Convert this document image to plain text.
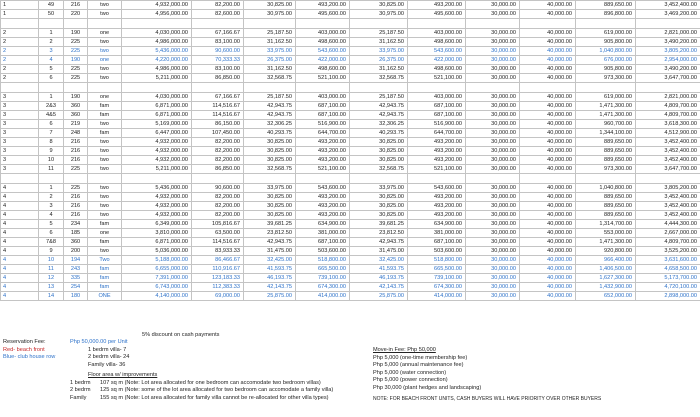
1	49	216	two	4,932,000.00	82,200.00	30,825.00	493,200.00	30,825.00	493,200.00	30,000.00	40,000.00	889,650.00	3,452,400.00
1	50	220	two	4,956,000.00	82,600.00	30,975.00	495,600.00	30,975.00	495,600.00	30,000.00	40,000.00	896,800.00	3,469,200.00

2	1	190	one	4,030,000.00	67,166.67	25,187.50	403,000.00	25,187.50	403,000.00	30,000.00	40,000.00	619,000.00	2,821,000.00
2	2	225	two	4,986,000.00	83,100.00	31,162.50	498,600.00	31,162.50	498,600.00	30,000.00	40,000.00	905,800.00	3,490,200.00
2	3	225	two	5,436,000.00	90,600.00	33,975.00	543,600.00	33,975.00	543,600.00	30,000.00	40,000.00	1,040,800.00	3,805,200.00
2	4	190	one	4,220,000.00	70,333.33	26,375.00	422,000.00	26,375.00	422,000.00	30,000.00	40,000.00	676,000.00	2,954,000.00
2	5	225	two	4,986,000.00	83,100.00	31,162.50	498,600.00	31,162.50	498,600.00	30,000.00	40,000.00	905,800.00	3,490,200.00
2	6	225	two	5,211,000.00	86,850.00	32,568.75	521,100.00	32,568.75	521,100.00	30,000.00	40,000.00	973,300.00	3,647,700.00

3	1	190	one	4,030,000.00	67,166.67	25,187.50	403,000.00	25,187.50	403,000.00	30,000.00	40,000.00	619,000.00	2,821,000.00
3	2&3	360	fam	6,871,000.00	114,516.67	42,943.75	687,100.00	42,943.75	687,100.00	30,000.00	40,000.00	1,471,300.00	4,809,700.00
3	4&5	360	fam	6,871,000.00	114,516.67	42,943.75	687,100.00	42,943.75	687,100.00	30,000.00	40,000.00	1,471,300.00	4,809,700.00
3	6	219	two	5,169,000.00	86,150.00	32,306.25	516,900.00	32,306.25	516,900.00	30,000.00	40,000.00	960,700.00	3,618,300.00
3	7	248	fam	6,447,000.00	107,450.00	40,293.75	644,700.00	40,293.75	644,700.00	30,000.00	40,000.00	1,344,100.00	4,512,900.00
3	8	216	two	4,932,000.00	82,200.00	30,825.00	493,200.00	30,825.00	493,200.00	30,000.00	40,000.00	889,650.00	3,452,400.00
3	9	216	two	4,932,000.00	82,200.00	30,825.00	493,200.00	30,825.00	493,200.00	30,000.00	40,000.00	889,650.00	3,452,400.00
3	10	216	two	4,932,000.00	82,200.00	30,825.00	493,200.00	30,825.00	493,200.00	30,000.00	40,000.00	889,650.00	3,452,400.00
3	11	225	two	5,211,000.00	86,850.00	32,568.75	521,100.00	32,568.75	521,100.00	30,000.00	40,000.00	973,300.00	3,647,700.00

4	1	225	two	5,436,000.00	90,600.00	33,975.00	543,600.00	33,975.00	543,600.00	30,000.00	40,000.00	1,040,800.00	3,805,200.00
4	2	216	two	4,932,000.00	82,200.00	30,825.00	493,200.00	30,825.00	493,200.00	30,000.00	40,000.00	889,650.00	3,452,400.00
4	3	216	two	4,932,000.00	82,200.00	30,825.00	493,200.00	30,825.00	493,200.00	30,000.00	40,000.00	889,650.00	3,452,400.00
4	4	216	two	4,932,000.00	82,200.00	30,825.00	493,200.00	30,825.00	493,200.00	30,000.00	40,000.00	889,650.00	3,452,400.00
4	5	234	fam	6,349,000.00	105,816.67	39,681.25	634,900.00	39,681.25	634,900.00	30,000.00	40,000.00	1,314,700.00	4,444,300.00
4	6	185	one	3,810,000.00	63,500.00	23,812.50	381,000.00	23,812.50	381,000.00	30,000.00	40,000.00	553,000.00	2,667,000.00
4	7&8	360	fam	6,871,000.00	114,516.67	42,943.75	687,100.00	42,943.75	687,100.00	30,000.00	40,000.00	1,471,300.00	4,809,700.00
4	9	200	two	5,036,000.00	83,933.33	31,475.00	503,600.00	31,475.00	503,600.00	30,000.00	40,000.00	920,800.00	3,525,200.00
4	10	194	Two	5,188,000.00	86,466.67	32,425.00	518,800.00	32,425.00	518,800.00	30,000.00	40,000.00	966,400.00	3,631,600.00
4	11	243	fam	6,655,000.00	110,916.67	41,593.75	665,500.00	41,593.75	665,500.00	30,000.00	40,000.00	1,406,500.00	4,658,500.00
4	12	335	fam	7,391,000.00	123,183.33	46,193.75	739,100.00	46,193.75	739,100.00	30,000.00	40,000.00	1,627,300.00	5,173,700.00
4	13	254	fam	6,743,000.00	112,383.33	42,143.75	674,300.00	42,143.75	674,300.00	30,000.00	40,000.00	1,432,900.00	4,720,100.00
4	14	180	ONE	4,140,000.00	69,000.00	25,875.00	414,000.00	25,875.00	414,000.00	30,000.00	40,000.00	652,000.00	2,898,000.00
5% discount on cash payments
Reservation Fee:	Php 50,000.00 per Unit
Red- beach front	1 bedrm villa- 7
Blue- club house row	2 bedrm villa- 24
Family villa- 36
Floor area w/ improvements
1 bedrm 107 sq m (Note: Lot area allocated for one bedroom can accomodate two bedroom villas)
2 bedrm 125 sq m (Note: some of the lot area allocated for two bedroom can accomodate a family villa)
Family 155 sq m (Note: Lot area allocated for family villa cannot be re-allocated for other villa types)
Move-in Fee: Php 50,000
Php 5,000 (one-time membership fee)
Php 5,000 (annual maintenance fee)
Php 5,000 (water connection)
Php 5,000 (power connection)
Php 30,000 (plant hedges and landscaping)
NOTE: FOR BEACH FRONT UNITS, CASH BUYERS WILL HAVE PRIORITY OVER OTHER BUYERS
